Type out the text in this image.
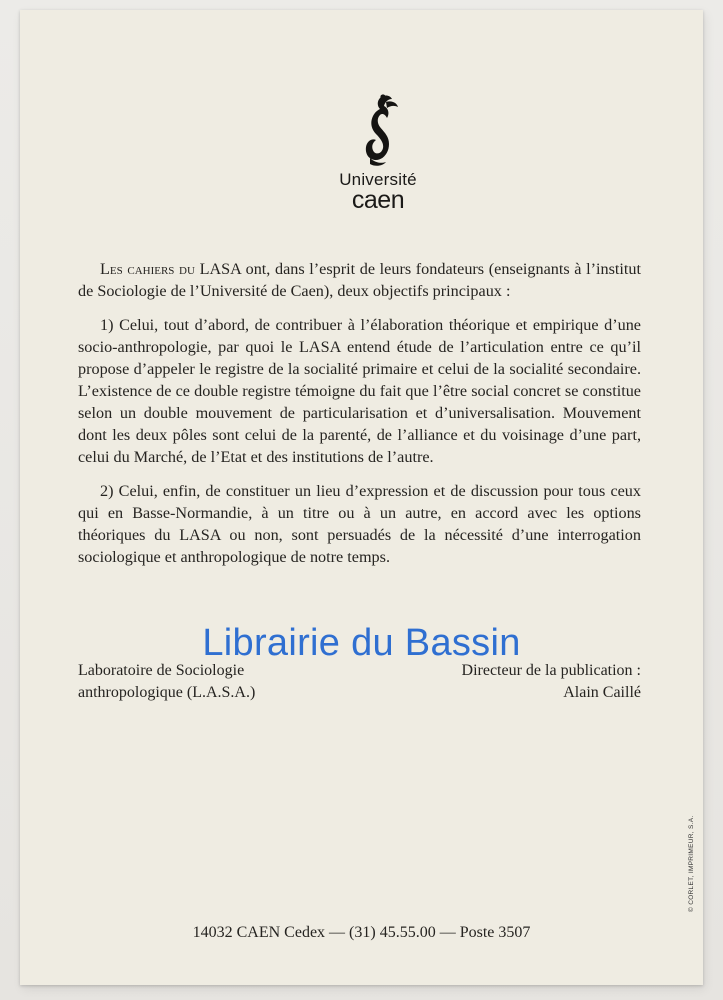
Université
caen

Les cahiers du LASA ont, dans l’esprit de leurs fondateurs (enseignants à l’institut de Sociologie de l’Université de Caen), deux objectifs principaux :

1) Celui, tout d’abord, de contribuer à l’élaboration théorique et empirique d’une socio-anthropologie, par quoi le LASA entend étude de l’articulation entre ce qu’il propose d’appeler le registre de la socialité primaire et celui de la socialité secondaire. L’existence de ce double registre témoigne du fait que l’être social concret se constitue selon un double mouvement de particularisation et d’universalisation. Mouvement dont les deux pôles sont celui de la parenté, de l’alliance et du voisinage d’une part, celui du Marché, de l’Etat et des institutions de l’autre.

2) Celui, enfin, de constituer un lieu d’expression et de discussion pour tous ceux qui en Basse-Normandie, à un titre ou à un autre, en accord avec les options théoriques du LASA ou non, sont persuadés de la nécessité d’une interrogation sociologique et anthropologique de notre temps.

Librairie du Bassin
Laboratoire de Sociologie
anthropologique (L.A.S.A.)
Directeur de la publication :
Alain Caillé
14032 CAEN Cedex — (31) 45.55.00 — Poste 3507
© CORLET, IMPRIMEUR, S.A.
